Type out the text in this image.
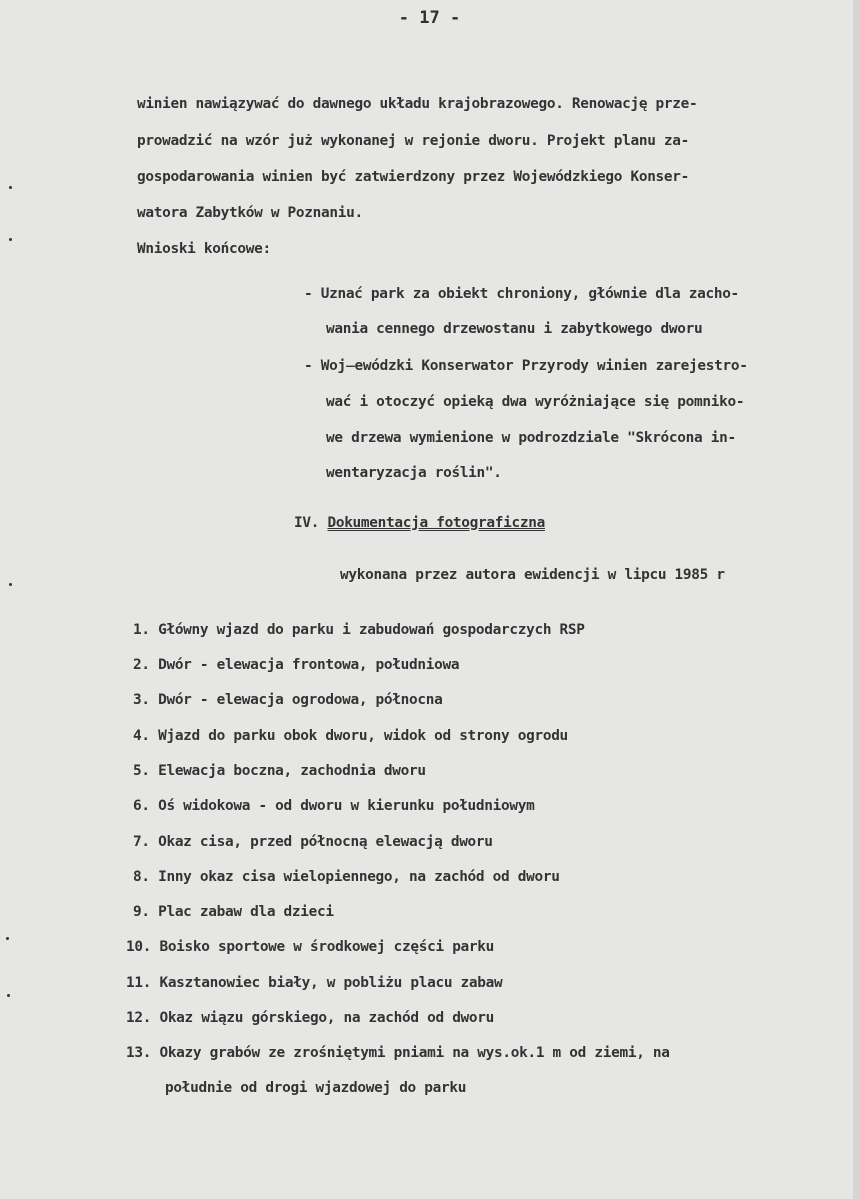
- 17 -
winien nawiązywać do dawnego układu krajobrazowego. Renowację prze-
prowadzić na wzór już wykonanej w rejonie dworu. Projekt planu za-
gospodarowania winien być zatwierdzony przez Wojewódzkiego Konser-
watora Zabytków w Poznaniu.
Wnioski końcowe:
- Uznać park za obiekt chroniony, głównie dla zacho-
wania cennego drzewostanu i zabytkowego dworu
- Woj̶ewódzki Konserwator Przyrody winien zarejestro-
wać i otoczyć opieką dwa wyróżniające się pomniko-
we drzewa wymienione w podrozdziale "Skrócona in-
wentaryzacja roślin".
IV. Dokumentacja fotograficzna
wykonana przez autora ewidencji w lipcu 1985 r
1. Główny wjazd do parku i zabudowań gospodarczych RSP
2. Dwór - elewacja frontowa, południowa
3. Dwór - elewacja ogrodowa, północna
4. Wjazd do parku obok dworu, widok od strony ogrodu
5. Elewacja boczna, zachodnia dworu
6. Oś widokowa - od dworu w kierunku południowym
7. Okaz cisa, przed północną elewacją dworu
8. Inny okaz cisa wielopiennego, na zachód od dworu
9. Plac zabaw dla dzieci
10. Boisko sportowe w środkowej części parku
11. Kasztanowiec biały, w pobliżu placu zabaw
12. Okaz wiązu górskiego, na zachód od dworu
13. Okazy grabów ze zrośniętymi pniami na wys.ok.1 m od ziemi, na
południe od drogi wjazdowej do parku
